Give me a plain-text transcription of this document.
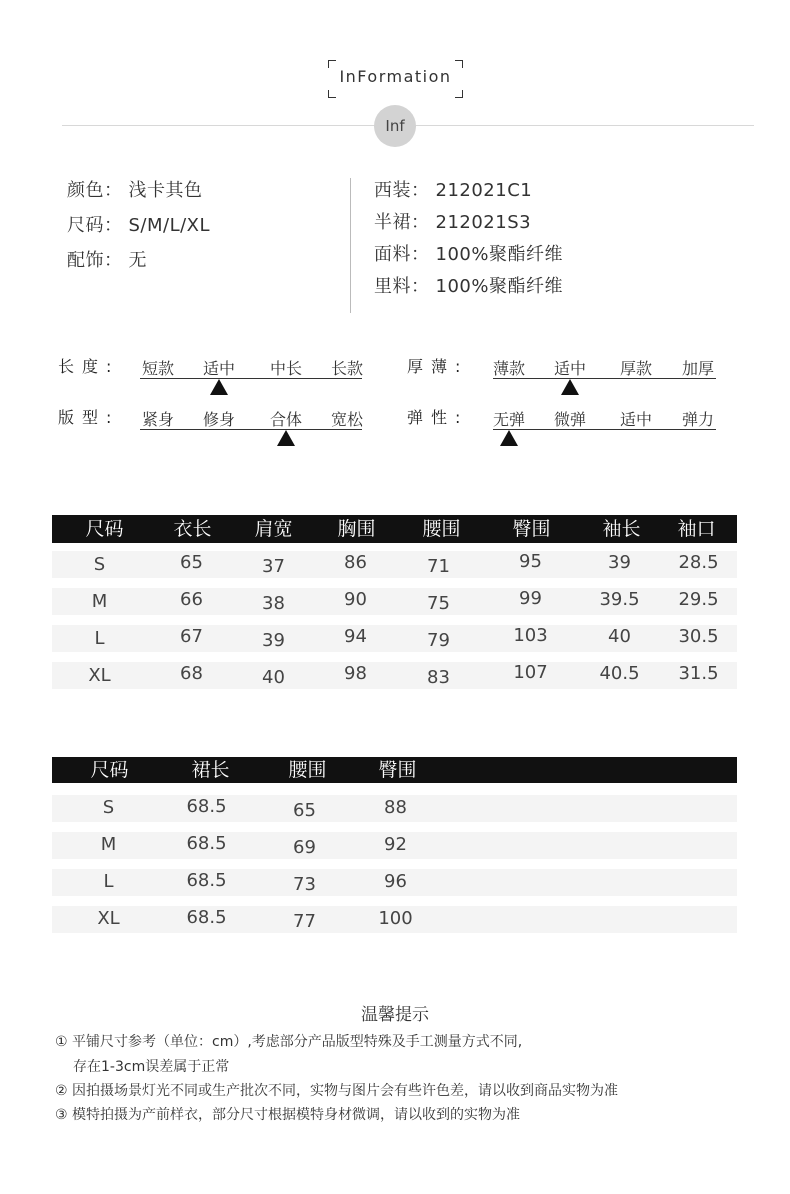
InFormation
Inf
颜色： 浅卡其色
尺码： S/M/L/XL
配饰： 无
西装： 212021C1
半裙： 212021S3
面料： 100%聚酯纤维
里料： 100%聚酯纤维
长度:	短款	适中	中长	长款	厚薄:	薄款	适中	厚款	加厚
版型:	紧身	修身	合体	宽松	弹性:	无弹	微弹	适中	弹力
尺码	衣长	肩宽	胸围	腰围	臀围	袖长	袖口
S	65	37	86	71	95	39	28.5
M	66	38	90	75	99	39.5	29.5
L	67	39	94	79	103	40	30.5
XL	68	40	98	83	107	40.5	31.5
尺码	裙长	腰围	臀围
S	68.5	65	88
M	68.5	69	92
L	68.5	73	96
XL	68.5	77	100
温馨提示
① 平铺尺寸参考（单位：cm）,考虑部分产品版型特殊及手工测量方式不同,
存在1-3cm误差属于正常
② 因拍摄场景灯光不同或生产批次不同，实物与图片会有些许色差，请以收到商品实物为准
③ 模特拍摄为产前样衣，部分尺寸根据模特身材微调，请以收到的实物为准
